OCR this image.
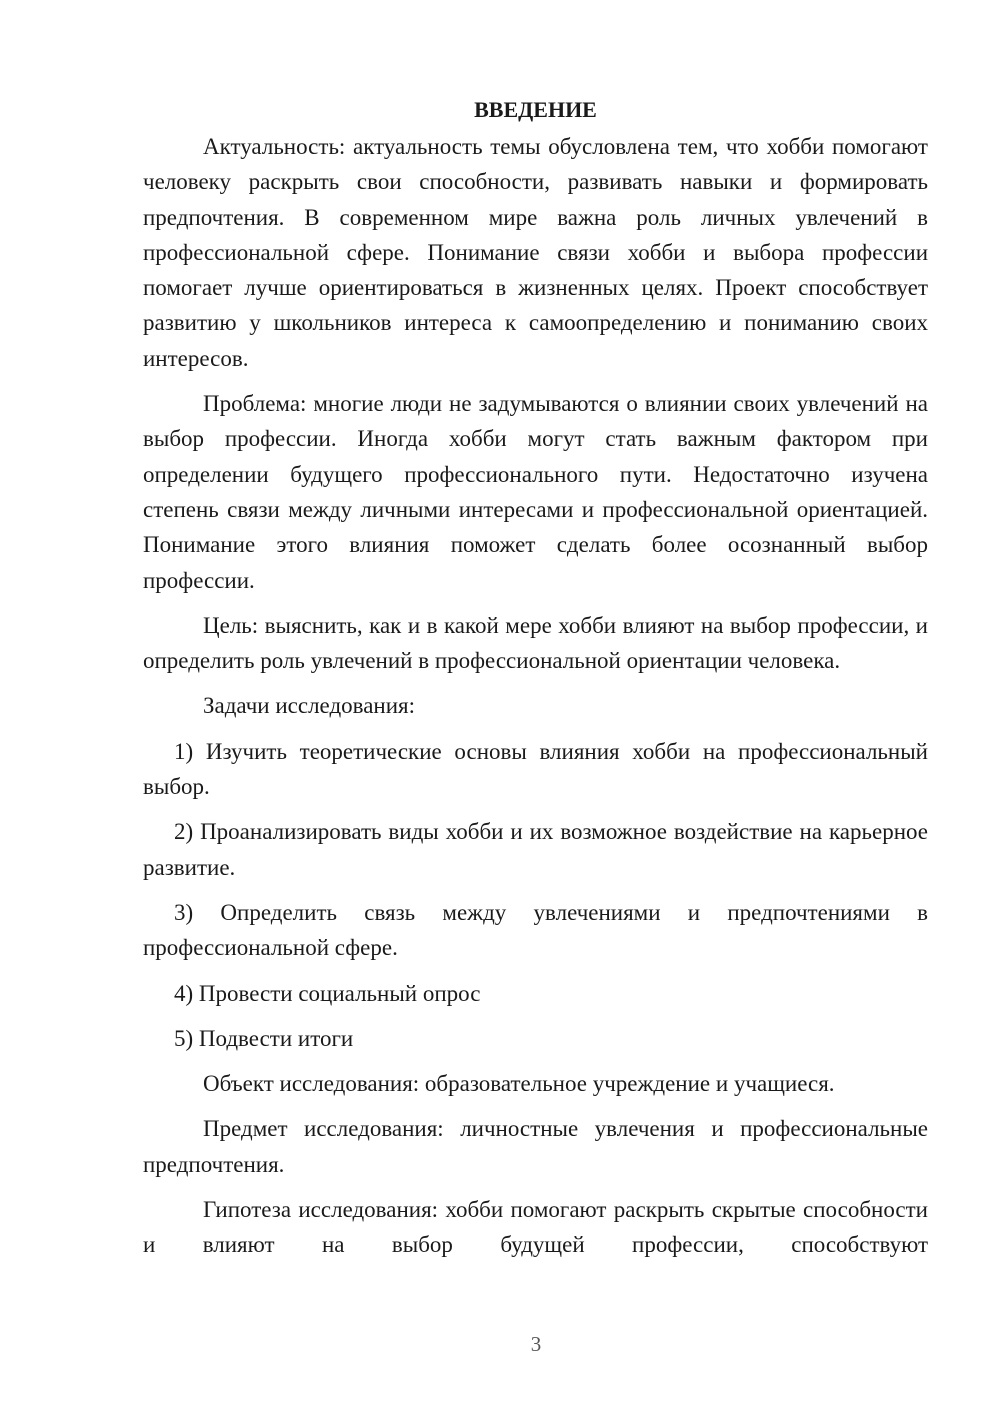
ВВЕДЕНИЕ

Актуальность: актуальность темы обусловлена тем, что хобби помогают человеку раскрыть свои способности, развивать навыки и формировать предпочтения. В современном мире важна роль личных увлечений в профессиональной сфере. Понимание связи хобби и выбора профессии помогает лучше ориентироваться в жизненных целях. Проект способствует развитию у школьников интереса к самоопределению и пониманию своих интересов.

Проблема: многие люди не задумываются о влиянии своих увлечений на выбор профессии. Иногда хобби могут стать важным фактором при определении будущего профессионального пути. Недостаточно изучена степень связи между личными интересами и профессиональной ориентацией. Понимание этого влияния поможет сделать более осознанный выбор профессии.

Цель: выяснить, как и в какой мере хобби влияют на выбор профессии, и определить роль увлечений в профессиональной ориентации человека.

Задачи исследования:

1) Изучить теоретические основы влияния хобби на профессиональный выбор.

2) Проанализировать виды хобби и их возможное воздействие на карьерное развитие.

3) Определить связь между увлечениями и предпочтениями в профессиональной сфере.

4) Провести социальный опрос

5) Подвести итоги

Объект исследования: образовательное учреждение и учащиеся.

Предмет исследования: личностные увлечения и профессиональные предпочтения.

Гипотеза исследования: хобби помогают раскрыть скрытые способности и влияют на выбор будущей профессии, способствуют

3
